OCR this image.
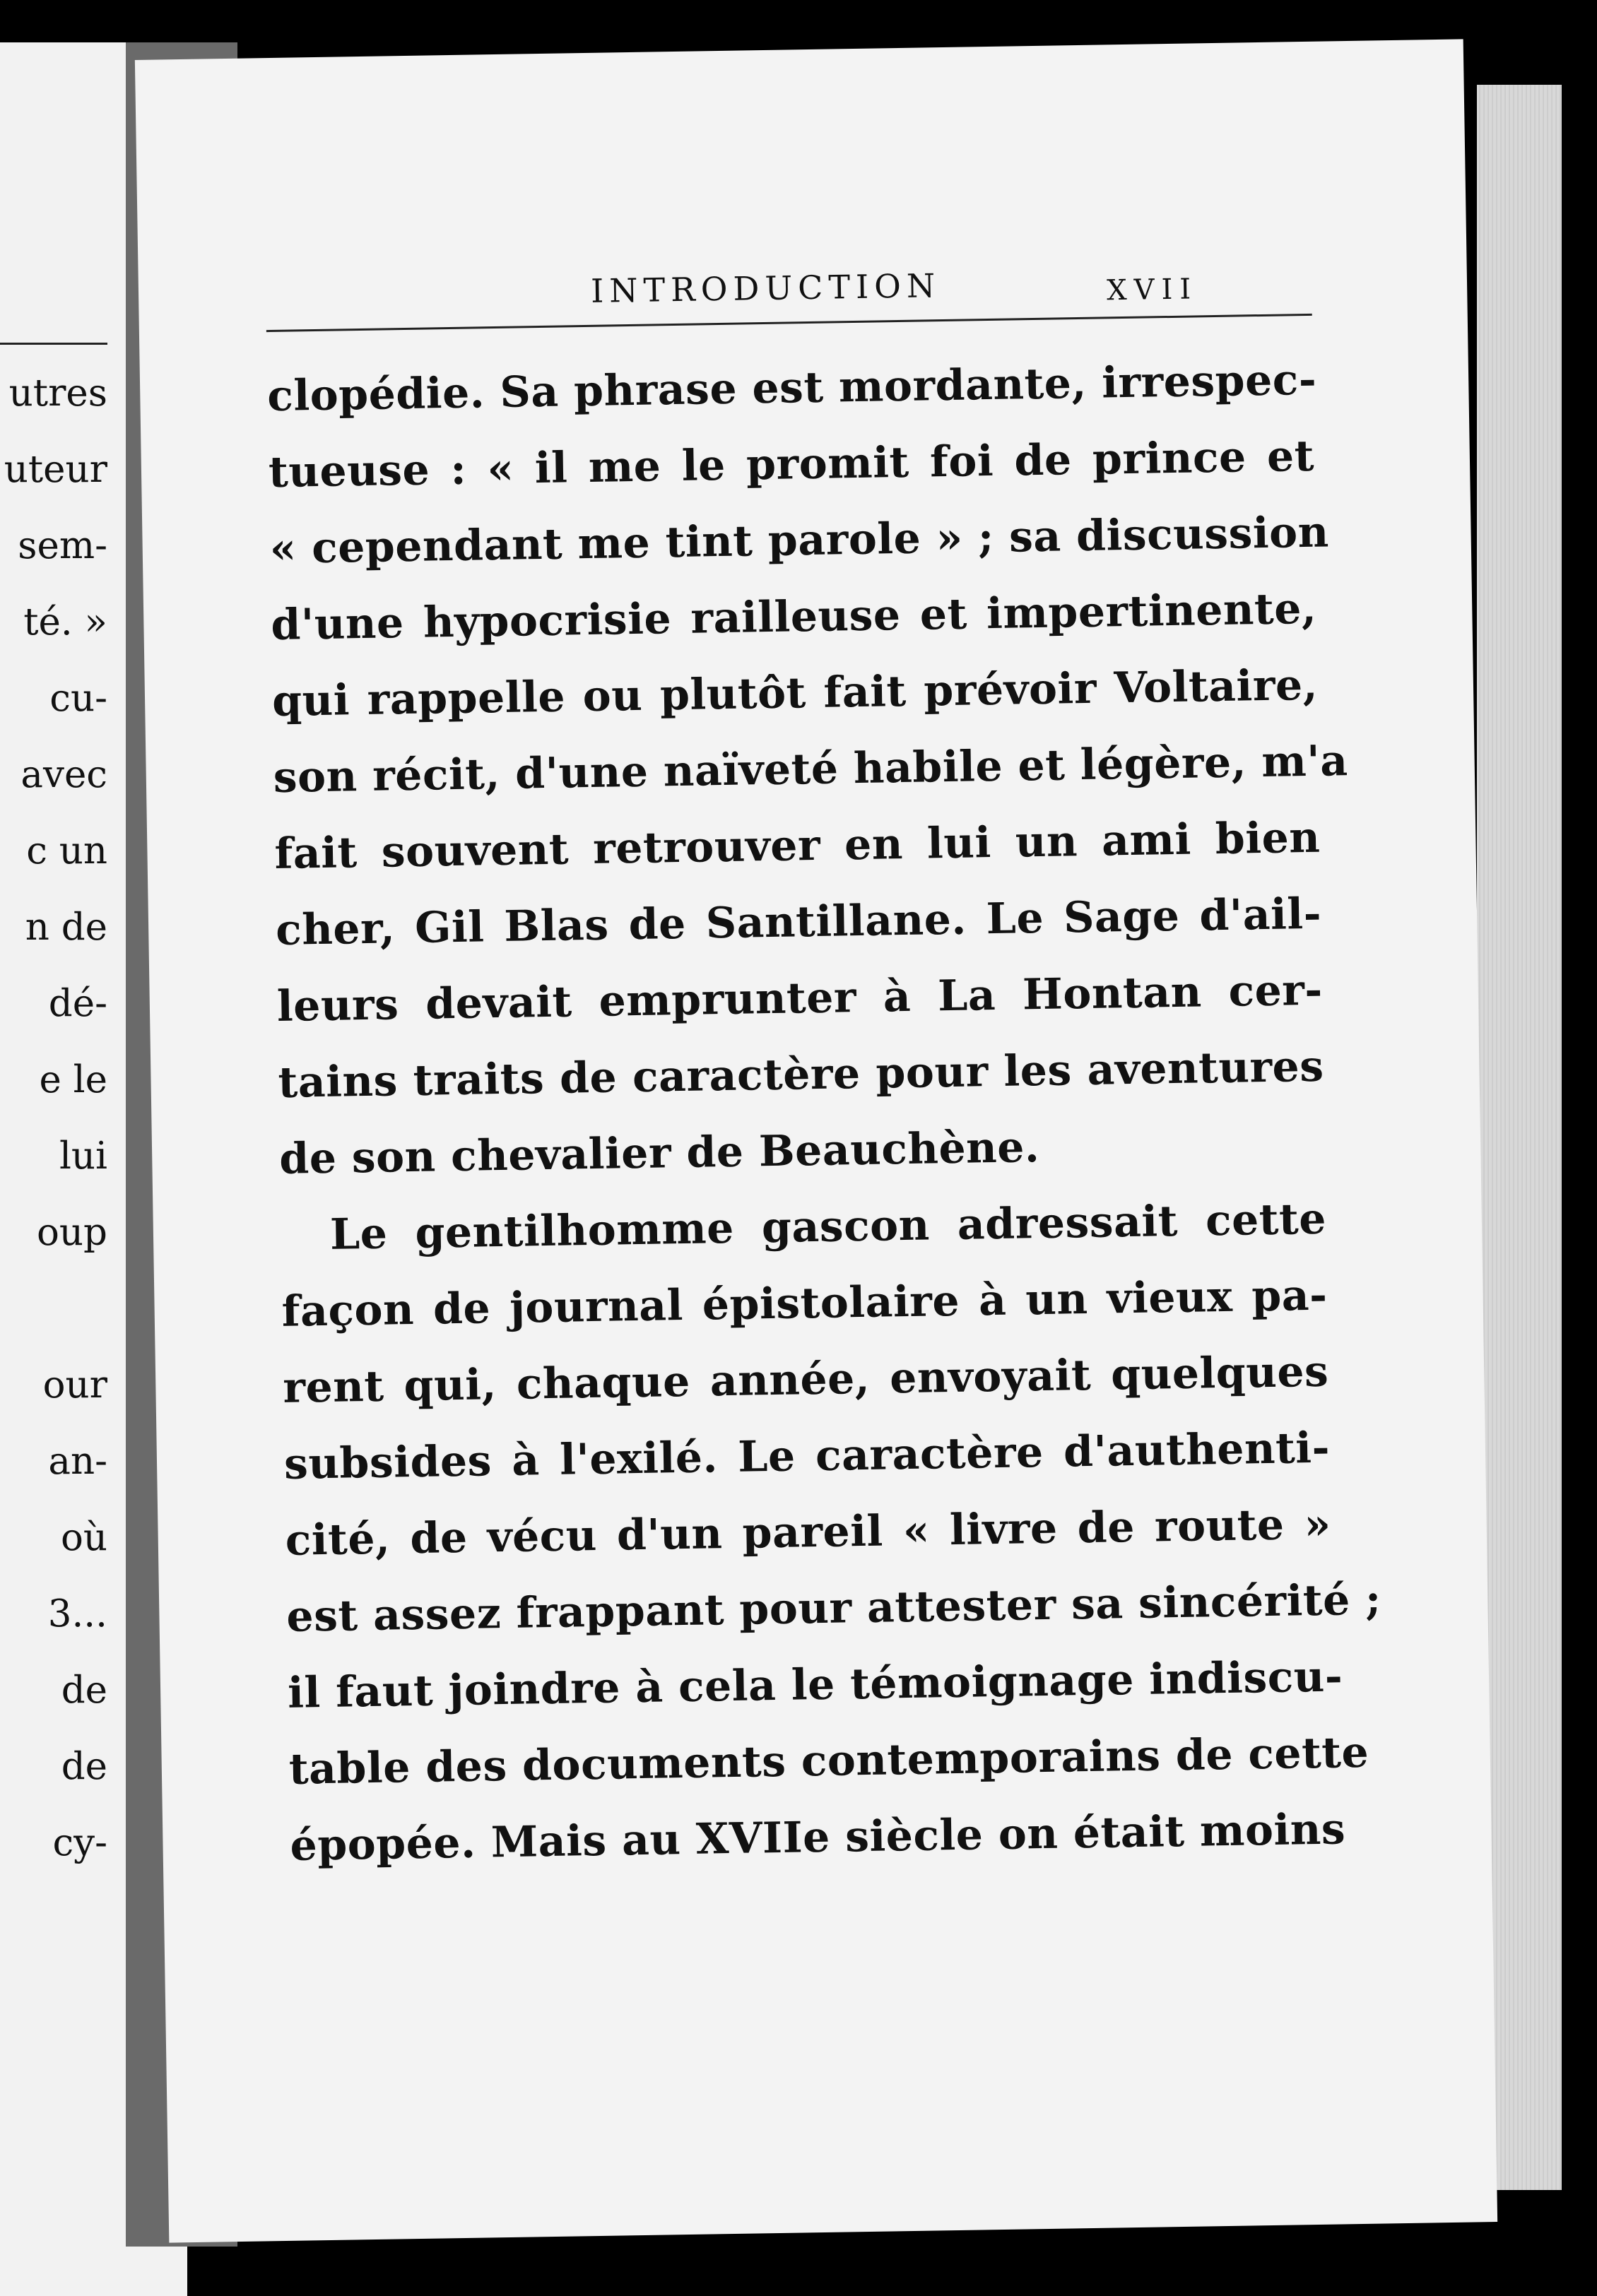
utres
uteur
sem-
té. »
cu-
avec
c un
n de
dé-
e le
lui
oup
our
an-
où
3...
de
de
cy-
INTRODUCTION	XVII
clopédie. Sa phrase est mordante, irrespec-
tueuse : « il me le promit foi de prince et
« cependant me tint parole » ; sa discussion
d'une hypocrisie railleuse et impertinente,
qui rappelle ou plutôt fait prévoir Voltaire,
son récit, d'une naïveté habile et légère, m'a
fait souvent retrouver en lui un ami bien
cher, Gil Blas de Santillane. Le Sage d'ail-
leurs devait emprunter à La Hontan cer-
tains traits de caractère pour les aventures
de son chevalier de Beauchène.
Le gentilhomme gascon adressait cette
façon de journal épistolaire à un vieux pa-
rent qui, chaque année, envoyait quelques
subsides à l'exilé. Le caractère d'authenti-
cité, de vécu d'un pareil « livre de route »
est assez frappant pour attester sa sincérité ;
il faut joindre à cela le témoignage indiscu-
table des documents contemporains de cette
épopée. Mais au XVIIe siècle on était moins
